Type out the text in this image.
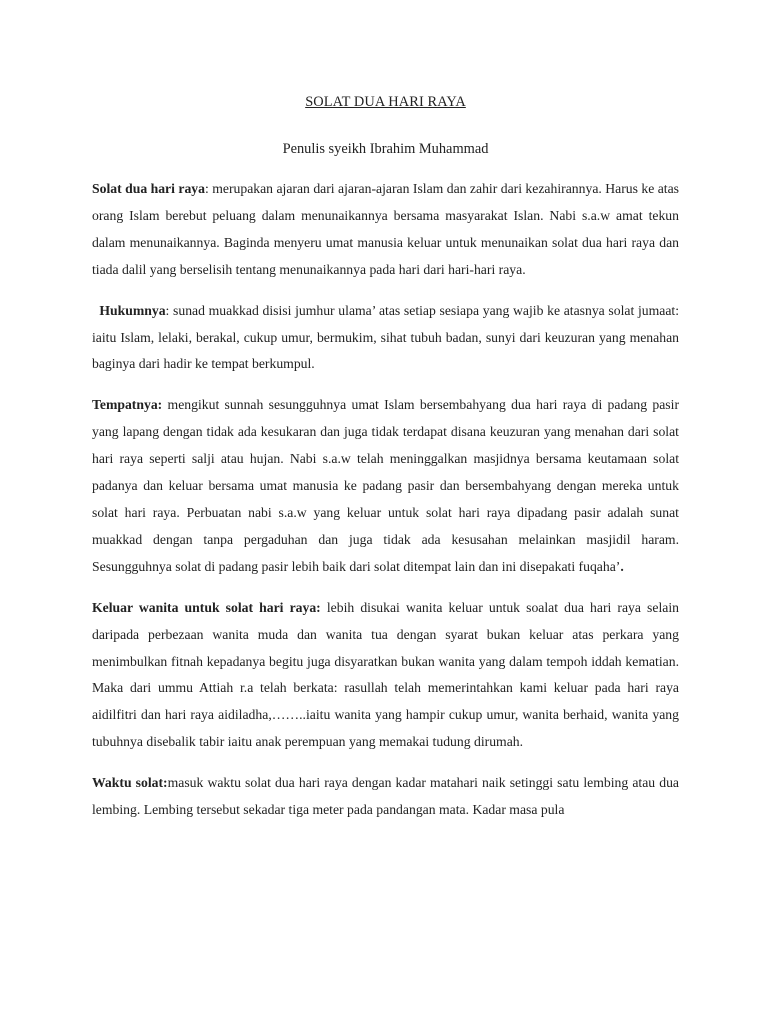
SOLAT DUA HARI RAYA
Penulis syeikh Ibrahim Muhammad

Solat dua hari raya: merupakan ajaran dari ajaran-ajaran Islam dan zahir dari kezahirannya. Harus ke atas orang Islam berebut peluang dalam menunaikannya bersama masyarakat Islan. Nabi s.a.w amat tekun dalam menunaikannya. Baginda menyeru umat manusia keluar untuk menunaikan solat dua hari raya dan tiada dalil yang berselisih tentang menunaikannya pada hari dari hari-hari raya.

Hukumnya: sunad muakkad disisi jumhur ulama’ atas setiap sesiapa yang wajib ke atasnya solat jumaat: iaitu Islam, lelaki, berakal, cukup umur, bermukim, sihat tubuh badan, sunyi dari keuzuran yang menahan baginya dari hadir ke tempat berkumpul.

Tempatnya: mengikut sunnah sesungguhnya umat Islam bersembahyang dua hari raya di padang pasir yang lapang dengan tidak ada kesukaran dan juga tidak terdapat disana keuzuran yang menahan dari solat hari raya seperti salji atau hujan. Nabi s.a.w telah meninggalkan masjidnya bersama keutamaan solat padanya dan keluar bersama umat manusia ke padang pasir dan bersembahyang dengan mereka untuk solat hari raya. Perbuatan nabi s.a.w yang keluar untuk solat hari raya dipadang pasir adalah sunat muakkad dengan tanpa pergaduhan dan juga tidak ada kesusahan melainkan masjidil haram. Sesungguhnya solat di padang pasir lebih baik dari solat ditempat lain dan ini disepakati fuqaha’.

Keluar wanita untuk solat hari raya: lebih disukai wanita keluar untuk soalat dua hari raya selain daripada perbezaan wanita muda dan wanita tua dengan syarat bukan keluar atas perkara yang menimbulkan fitnah kepadanya begitu juga disyaratkan bukan wanita yang dalam tempoh iddah kematian. Maka dari ummu Attiah r.a telah berkata: rasullah telah memerintahkan kami keluar pada hari raya aidilfitri dan hari raya aidiladha,……..iaitu wanita yang hampir cukup umur, wanita berhaid, wanita yang tubuhnya disebalik tabir iaitu anak perempuan yang memakai tudung dirumah.

Waktu solat:masuk waktu solat dua hari raya dengan kadar matahari naik setinggi satu lembing atau dua lembing. Lembing tersebut sekadar tiga meter pada pandangan mata. Kadar masa pula
